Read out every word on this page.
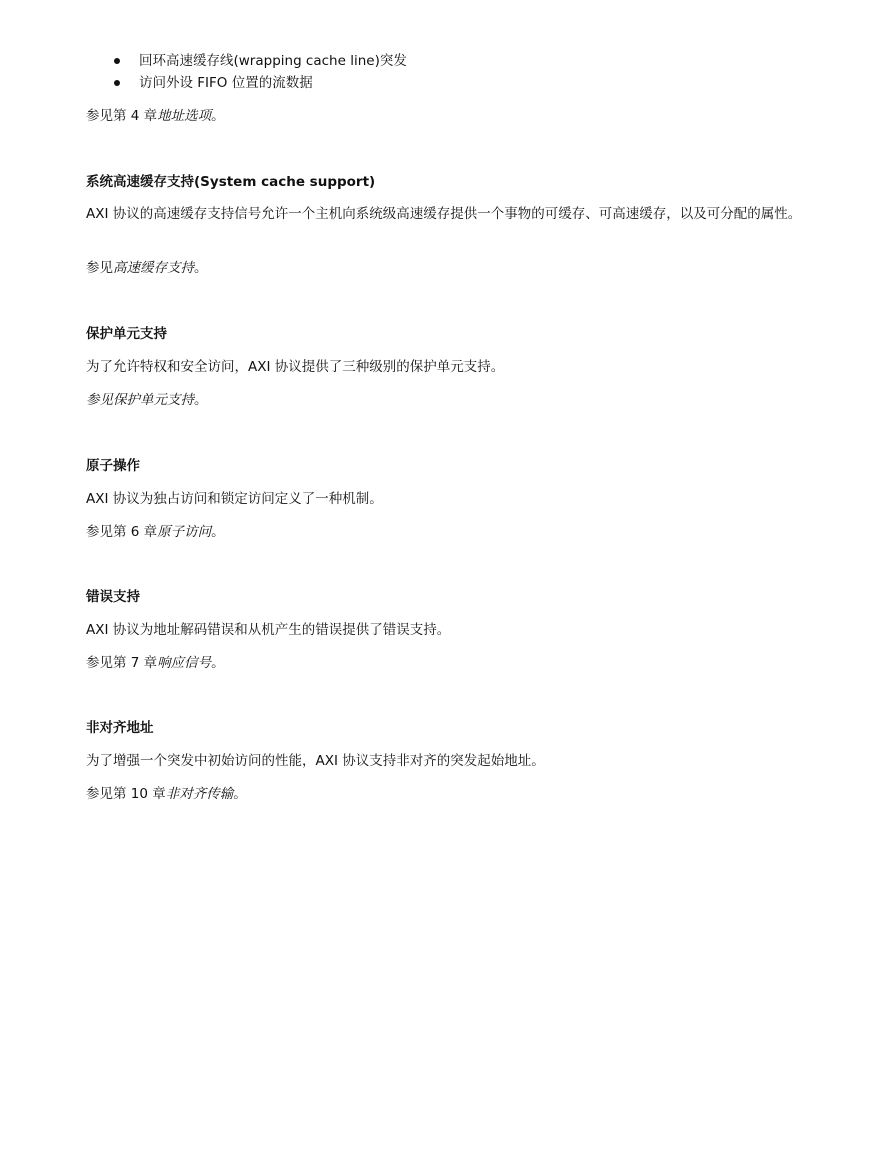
回环高速缓存线(wrapping cache line)突发
访问外设 FIFO 位置的流数据
参见第 4 章地址选项。
系统高速缓存支持(System cache support)
AXI 协议的高速缓存支持信号允许一个主机向系统级高速缓存提供一个事物的可缓存、可高速缓存，以及可分配的属性。
参见高速缓存支持。
保护单元支持
为了允许特权和安全访问，AXI 协议提供了三种级别的保护单元支持。
参见保护单元支持。
原子操作
AXI 协议为独占访问和锁定访问定义了一种机制。
参见第 6 章原子访问。
错误支持
AXI 协议为地址解码错误和从机产生的错误提供了错误支持。
参见第 7 章响应信号。
非对齐地址
为了增强一个突发中初始访问的性能，AXI 协议支持非对齐的突发起始地址。
参见第 10 章非对齐传输。
